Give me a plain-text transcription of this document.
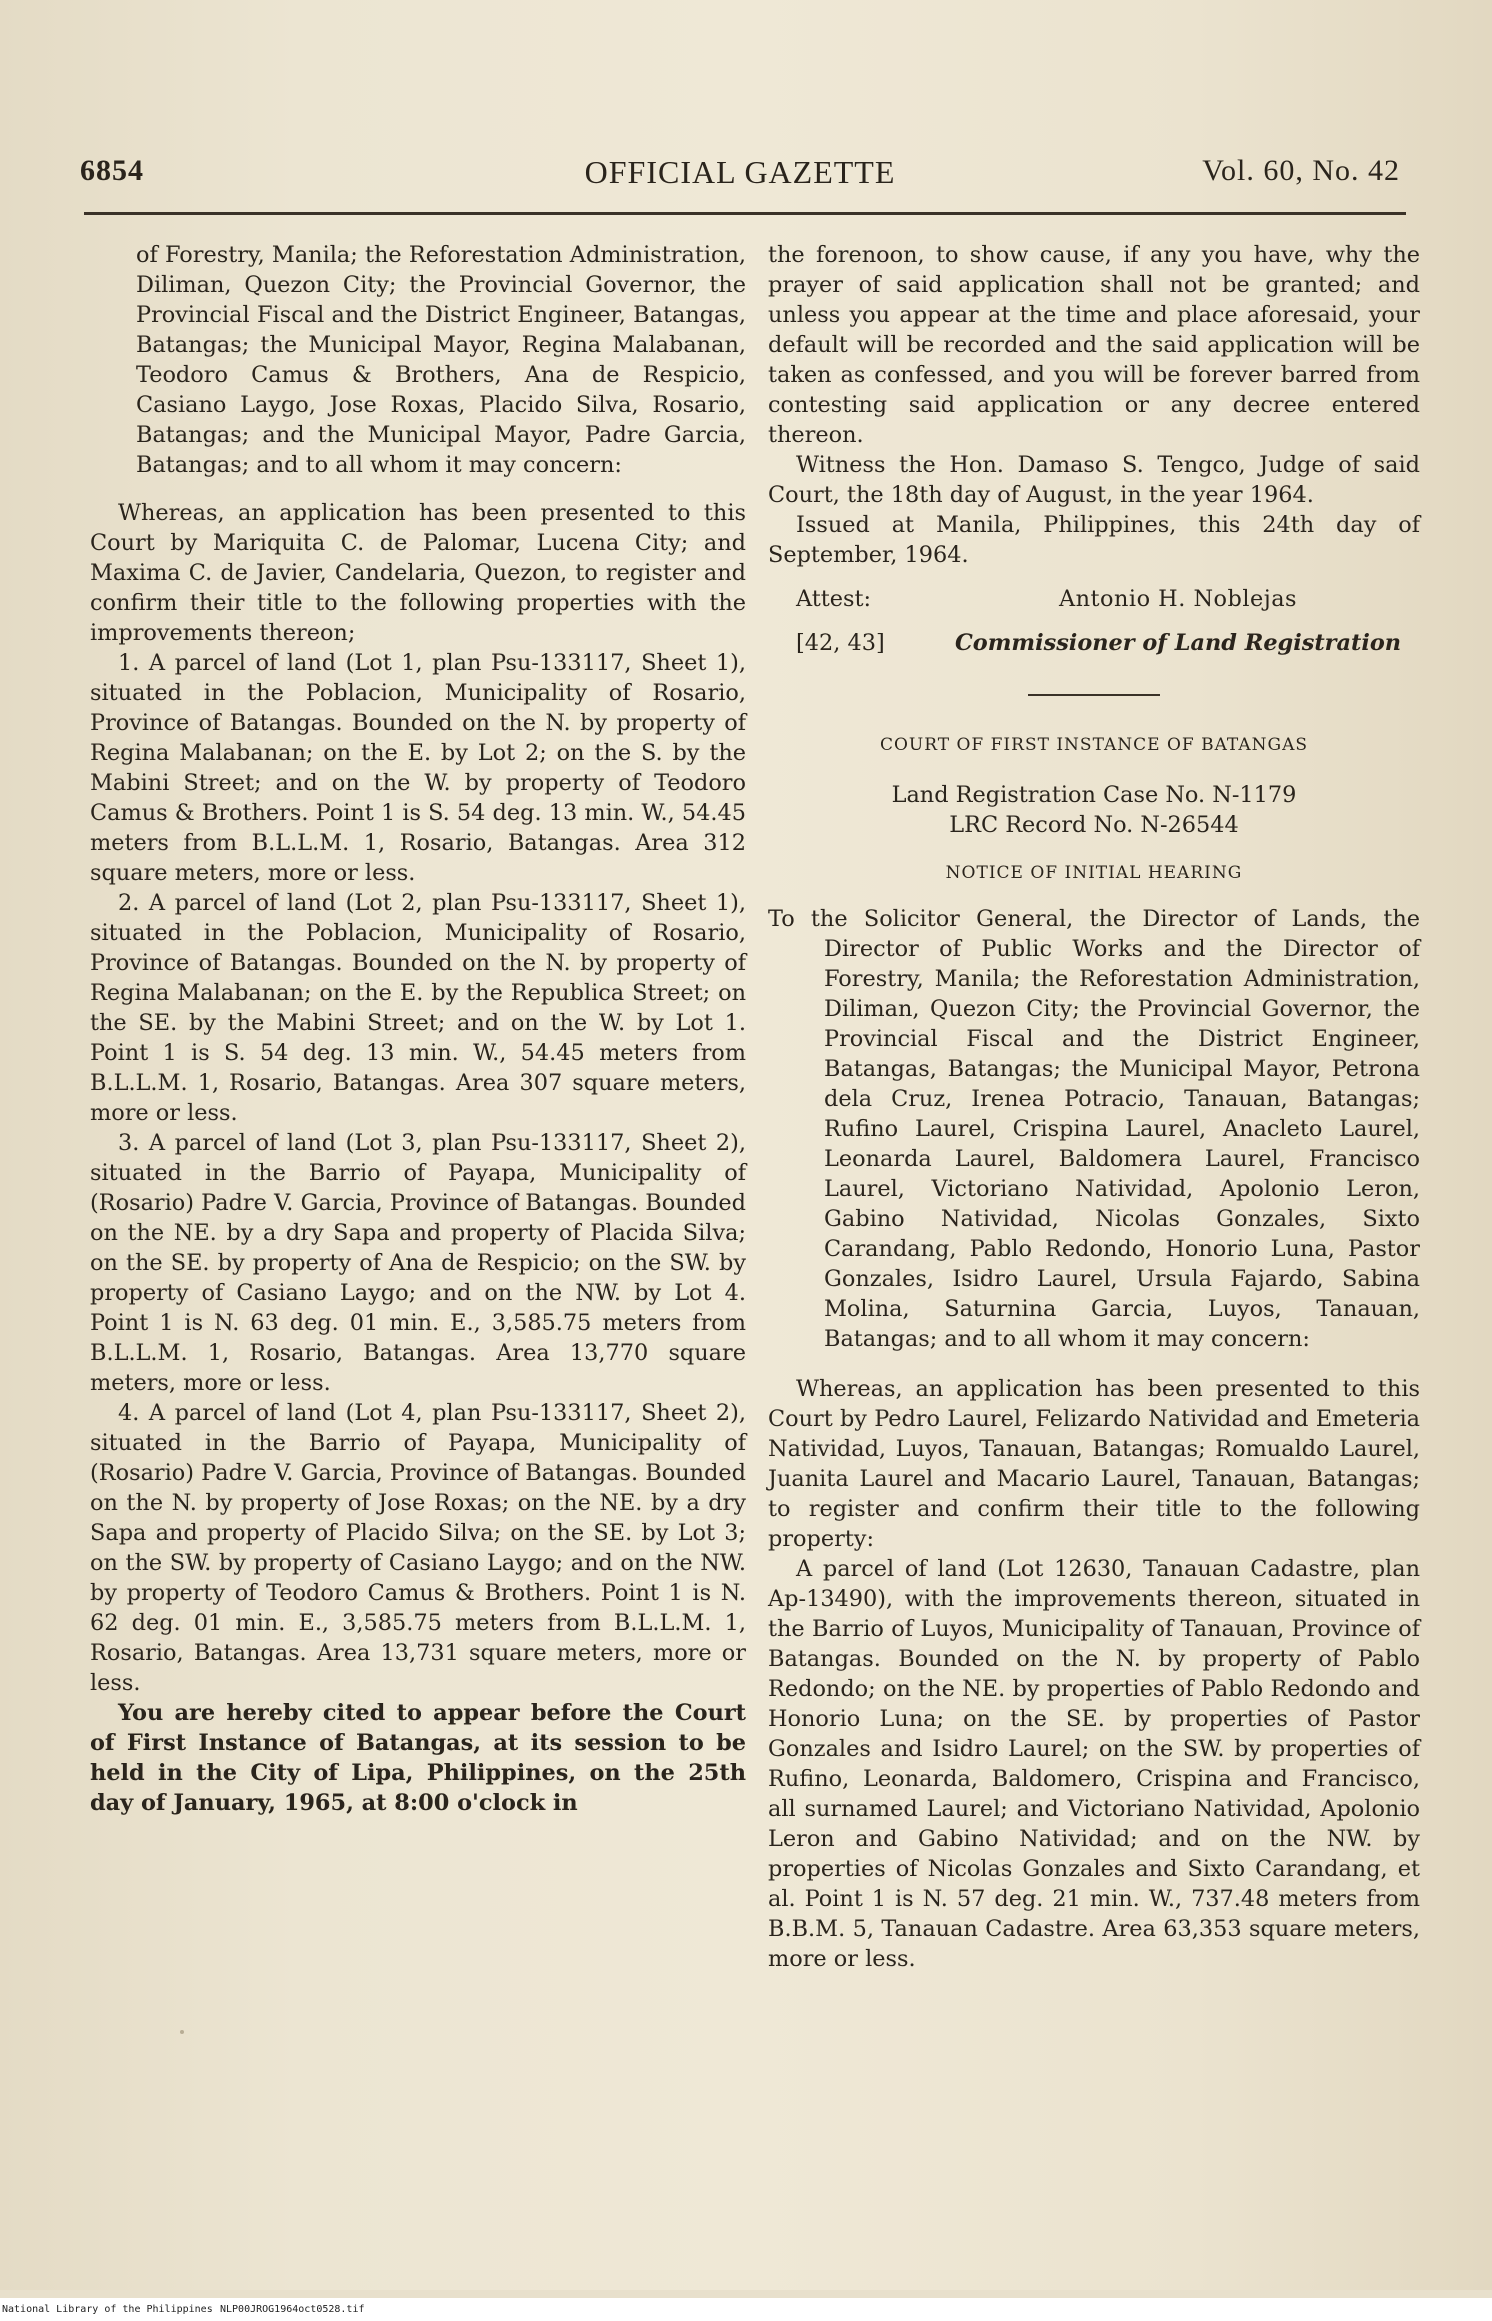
6854	OFFICIAL GAZETTE	Vol. 60, No. 42

of Forestry, Manila; the Reforestation Administration, Diliman, Quezon City; the Provincial Governor, the Provincial Fiscal and the District Engineer, Batangas, Batangas; the Municipal Mayor, Regina Malabanan, Teodoro Camus & Brothers, Ana de Respicio, Casiano Laygo, Jose Roxas, Placido Silva, Rosario, Batangas; and the Municipal Mayor, Padre Garcia, Batangas; and to all whom it may concern:

Whereas, an application has been presented to this Court by Mariquita C. de Palomar, Lucena City; and Maxima C. de Javier, Candelaria, Quezon, to register and confirm their title to the following properties with the improvements thereon;

1. A parcel of land (Lot 1, plan Psu-133117, Sheet 1), situated in the Poblacion, Municipality of Rosario, Province of Batangas. Bounded on the N. by property of Regina Malabanan; on the E. by Lot 2; on the S. by the Mabini Street; and on the W. by property of Teodoro Camus & Brothers. Point 1 is S. 54 deg. 13 min. W., 54.45 meters from B.L.L.M. 1, Rosario, Batangas. Area 312 square meters, more or less.

2. A parcel of land (Lot 2, plan Psu-133117, Sheet 1), situated in the Poblacion, Municipality of Rosario, Province of Batangas. Bounded on the N. by property of Regina Malabanan; on the E. by the Republica Street; on the SE. by the Mabini Street; and on the W. by Lot 1. Point 1 is S. 54 deg. 13 min. W., 54.45 meters from B.L.L.M. 1, Rosario, Batangas. Area 307 square meters, more or less.

3. A parcel of land (Lot 3, plan Psu-133117, Sheet 2), situated in the Barrio of Payapa, Municipality of (Rosario) Padre V. Garcia, Province of Batangas. Bounded on the NE. by a dry Sapa and property of Placida Silva; on the SE. by property of Ana de Respicio; on the SW. by property of Casiano Laygo; and on the NW. by Lot 4. Point 1 is N. 63 deg. 01 min. E., 3,585.75 meters from B.L.L.M. 1, Rosario, Batangas. Area 13,770 square meters, more or less.

4. A parcel of land (Lot 4, plan Psu-133117, Sheet 2), situated in the Barrio of Payapa, Municipality of (Rosario) Padre V. Garcia, Province of Batangas. Bounded on the N. by property of Jose Roxas; on the NE. by a dry Sapa and property of Placido Silva; on the SE. by Lot 3; on the SW. by property of Casiano Laygo; and on the NW. by property of Teodoro Camus & Brothers. Point 1 is N. 62 deg. 01 min. E., 3,585.75 meters from B.L.L.M. 1, Rosario, Batangas. Area 13,731 square meters, more or less.

You are hereby cited to appear before the Court of First Instance of Batangas, at its session to be held in the City of Lipa, Philippines, on the 25th day of January, 1965, at 8:00 o'clock in

the forenoon, to show cause, if any you have, why the prayer of said application shall not be granted; and unless you appear at the time and place aforesaid, your default will be recorded and the said application will be taken as confessed, and you will be forever barred from contesting said application or any decree entered thereon.

Witness the Hon. Damaso S. Tengco, Judge of said Court, the 18th day of August, in the year 1964.

Issued at Manila, Philippines, this 24th day of September, 1964.

Attest:	Antonio H. Noblejas
[42, 43]	Commissioner of Land Registration

COURT OF FIRST INSTANCE OF BATANGAS

Land Registration Case No. N-1179

LRC Record No. N-26544

NOTICE OF INITIAL HEARING

To the Solicitor General, the Director of Lands, the Director of Public Works and the Director of Forestry, Manila; the Reforestation Administration, Diliman, Quezon City; the Provincial Governor, the Provincial Fiscal and the District Engineer, Batangas, Batangas; the Municipal Mayor, Petrona dela Cruz, Irenea Potracio, Tanauan, Batangas; Rufino Laurel, Crispina Laurel, Anacleto Laurel, Leonarda Laurel, Baldomera Laurel, Francisco Laurel, Victoriano Natividad, Apolonio Leron, Gabino Natividad, Nicolas Gonzales, Sixto Carandang, Pablo Redondo, Honorio Luna, Pastor Gonzales, Isidro Laurel, Ursula Fajardo, Sabina Molina, Saturnina Garcia, Luyos, Tanauan, Batangas; and to all whom it may concern:

Whereas, an application has been presented to this Court by Pedro Laurel, Felizardo Natividad and Emeteria Natividad, Luyos, Tanauan, Batangas; Romualdo Laurel, Juanita Laurel and Macario Laurel, Tanauan, Batangas; to register and confirm their title to the following property:

A parcel of land (Lot 12630, Tanauan Cadastre, plan Ap-13490), with the improvements thereon, situated in the Barrio of Luyos, Municipality of Tanauan, Province of Batangas. Bounded on the N. by property of Pablo Redondo; on the NE. by properties of Pablo Redondo and Honorio Luna; on the SE. by properties of Pastor Gonzales and Isidro Laurel; on the SW. by properties of Rufino, Leonarda, Baldomero, Crispina and Francisco, all surnamed Laurel; and Victoriano Natividad, Apolonio Leron and Gabino Natividad; and on the NW. by properties of Nicolas Gonzales and Sixto Carandang, et al. Point 1 is N. 57 deg. 21 min. W., 737.48 meters from B.B.M. 5, Tanauan Cadastre. Area 63,353 square meters, more or less.

National Library of the Philippines NLP00JROG1964oct0528.tif
